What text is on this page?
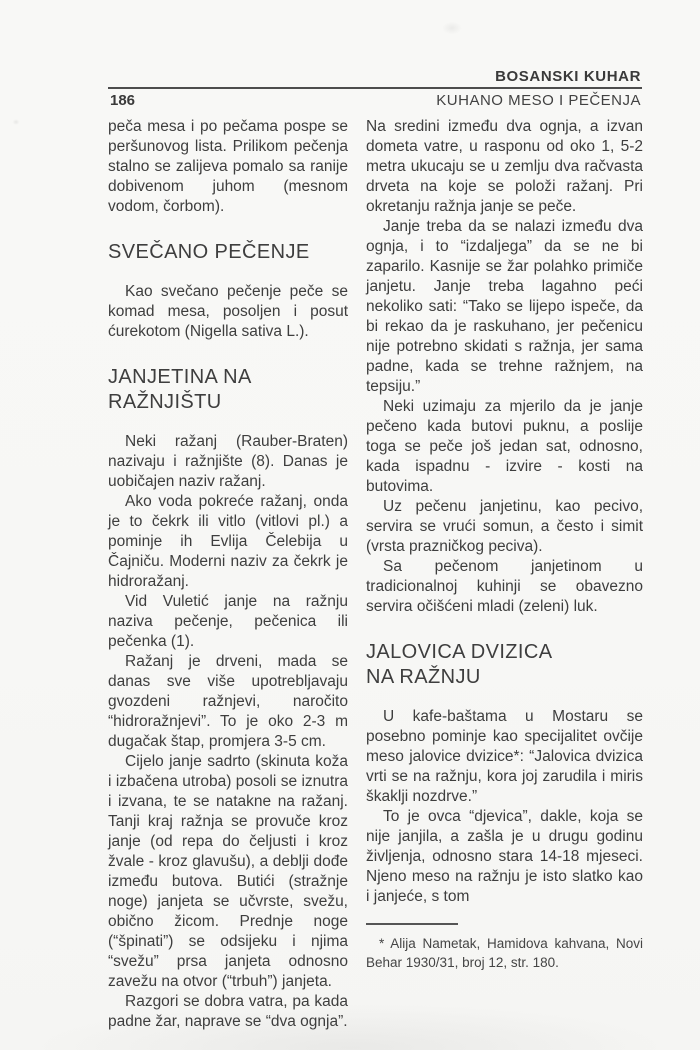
BOSANSKI KUHAR
KUHANO MESO I PEČENJA
186

peča mesa i po pečama pospe se peršunovog lista. Prilikom pečenja stalno se zalijeva pomalo sa ranije dobivenom juhom (mesnom vodom, čorbom).

SVEČANO PEČENJE

Kao svečano pečenje peče se komad mesa, posoljen i posut ćurekotom (Nigella sativa L.).

JANJETINA NA RAŽNJIŠTU

Neki ražanj (Rauber-Braten) nazivaju i ražnjište (8). Danas je uobičajen naziv ražanj.

Ako voda pokreće ražanj, onda je to čekrk ili vitlo (vitlovi pl.) a pominje ih Evlija Čelebija u Čajniču. Moderni naziv za čekrk je hidroražanj.

Vid Vuletić janje na ražnju naziva pečenje, pečenica ili pečenka (1).

Ražanj je drveni, mada se danas sve više upotrebljavaju gvozdeni ražnjevi, naročito “hidroražnjevi”. To je oko 2-3 m dugačak štap, promjera 3-5 cm.

Cijelo janje sadrto (skinuta koža i izbačena utroba) posoli se iznutra i izvana, te se natakne na ražanj. Tanji kraj ražnja se provuče kroz janje (od repa do čeljusti i kroz žvale - kroz glavušu), a deblji dođe između butova. Butići (stražnje noge) janjeta se učvrste, svežu, obično žicom. Prednje noge (“špinati”) se odsijeku i njima “svežu” prsa janjeta odnosno zavežu na otvor (“trbuh”) janjeta.

Razgori se dobra vatra, pa kada padne žar, naprave se “dva ognja”.

Na sredini između dva ognja, a izvan dometa vatre, u rasponu od oko 1, 5-2 metra ukucaju se u zemlju dva račvasta drveta na koje se položi ražanj. Pri okretanju ražnja janje se peče.

Janje treba da se nalazi između dva ognja, i to “izdaljega” da se ne bi zaparilo. Kasnije se žar polahko primiče janjetu. Janje treba lagahno peći nekoliko sati: “Tako se lijepo ispeče, da bi rekao da je raskuhano, jer pečenicu nije potrebno skidati s ražnja, jer sama padne, kada se trehne ražnjem, na tepsiju.”

Neki uzimaju za mjerilo da je janje pečeno kada butovi puknu, a poslije toga se peče još jedan sat, odnosno, kada ispadnu - izvire - kosti na butovima.

Uz pečenu janjetinu, kao pecivo, servira se vrući somun, a često i simit (vrsta prazničkog peciva).

Sa pečenom janjetinom u tradicionalnoj kuhinji se obavezno servira očišćeni mladi (zeleni) luk.

JALOVICA DVIZICA
NA RAŽNJU

U kafe-baštama u Mostaru se posebno pominje kao specijalitet ovčije meso jalovice dvizice*: “Jalovica dvizica vrti se na ražnju, kora joj zarudila i miris škaklji nozdrve.”

To je ovca “djevica”, dakle, koja se nije janjila, a zašla je u drugu godinu življenja, odnosno stara 14-18 mjeseci. Njeno meso na ražnju je isto slatko kao i janjeće, s tom

* Alija Nametak, Hamidova kahvana, Novi Behar 1930/31, broj 12, str. 180.
